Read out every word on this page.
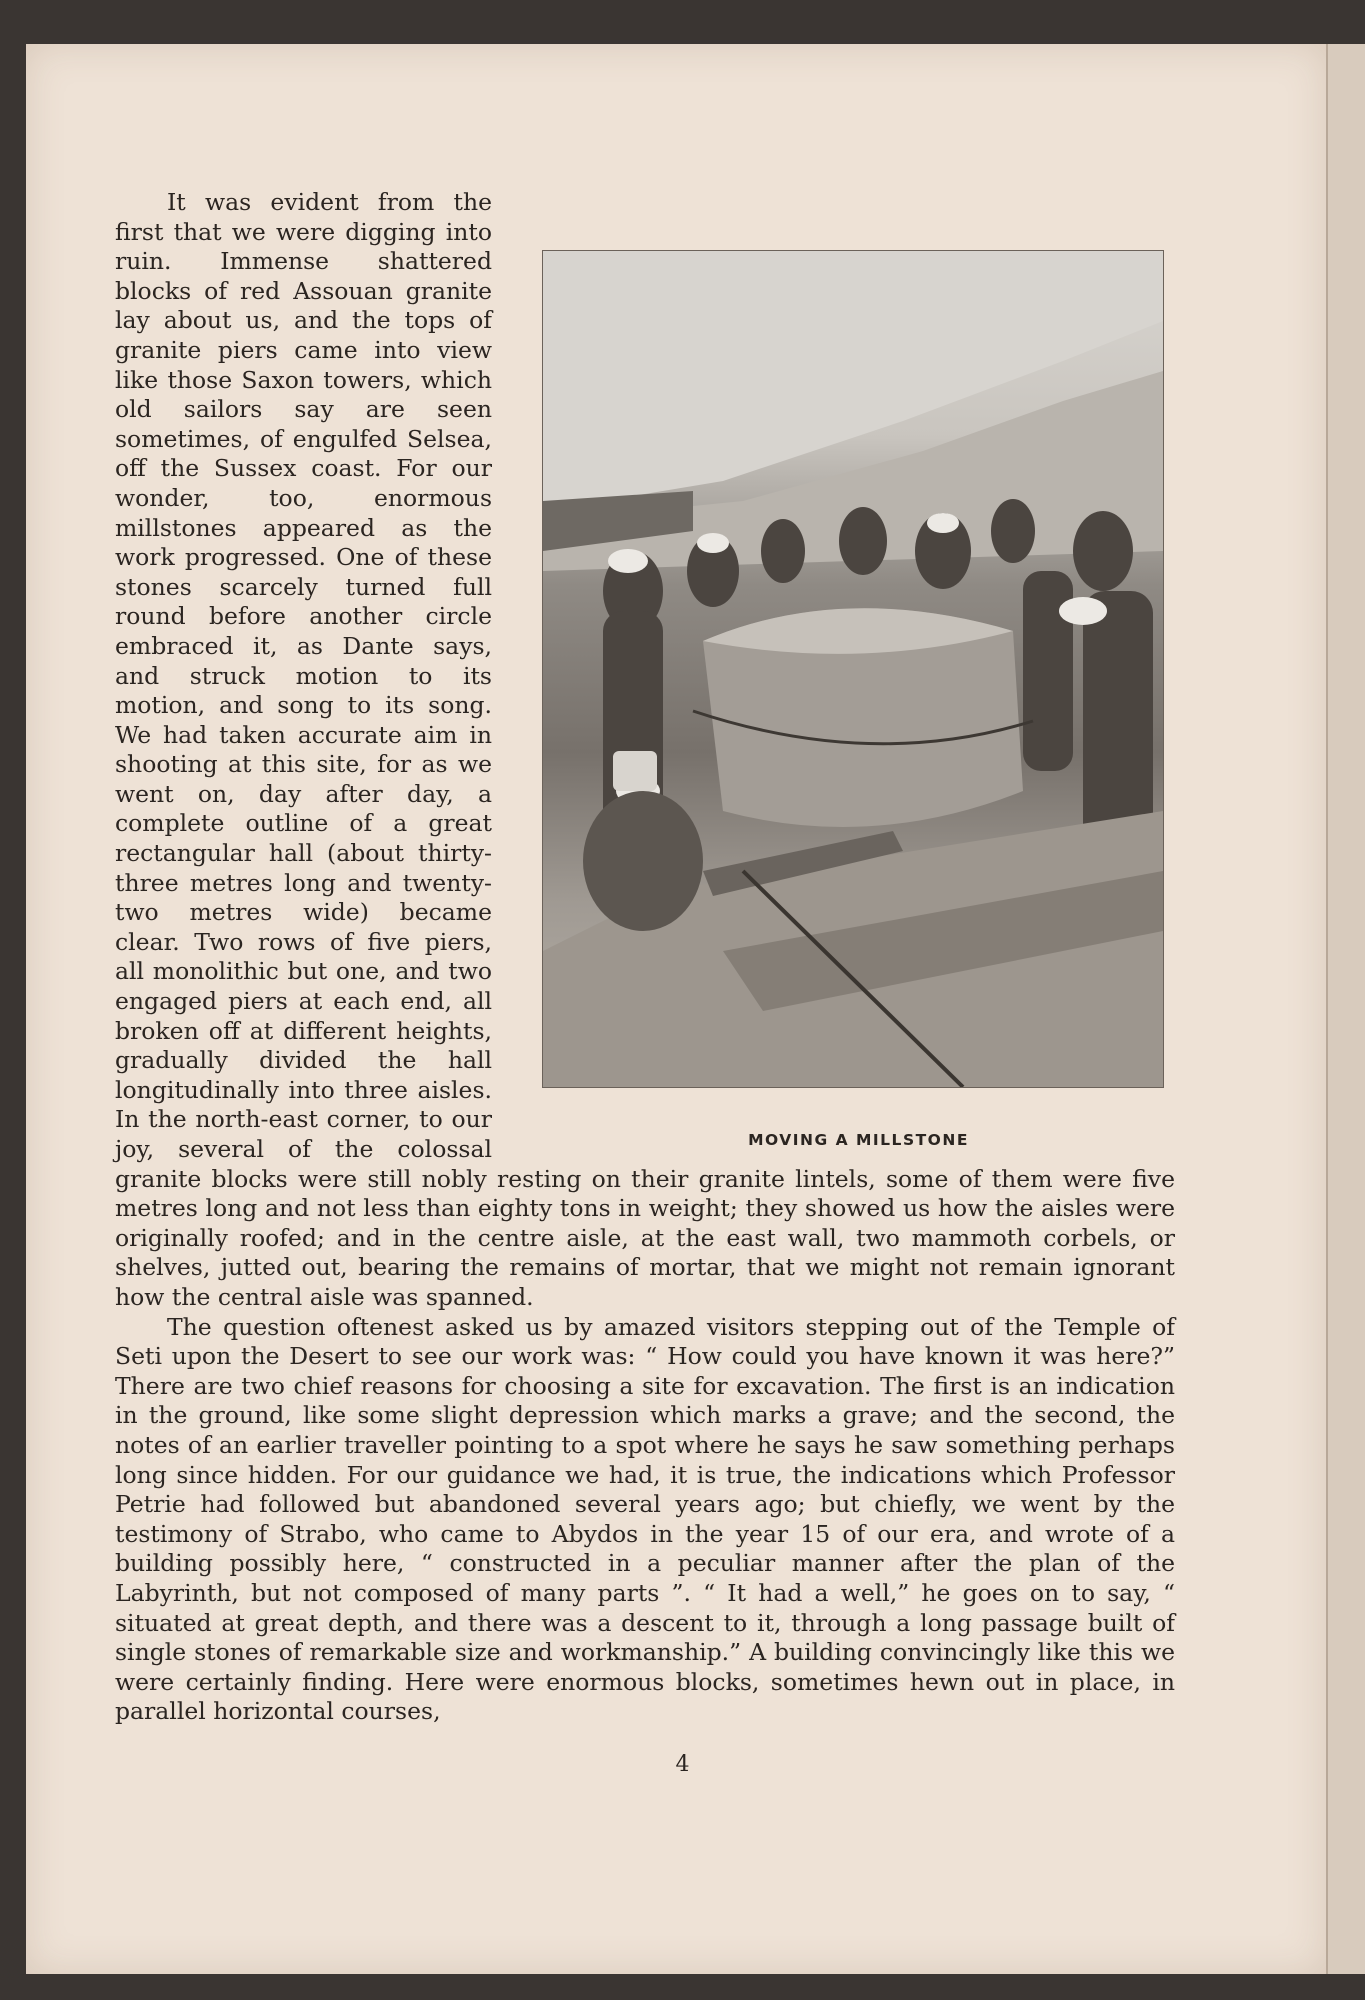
MOVING A MILLSTONE

It was evident from the first that we were digging into ruin. Immense shattered blocks of red Assouan granite lay about us, and the tops of granite piers came into view like those Saxon towers, which old sailors say are seen sometimes, of engulfed Selsea, off the Sussex coast. For our wonder, too, enormous millstones appeared as the work progressed. One of these stones scarcely turned full round before another circle embraced it, as Dante says, and struck motion to its motion, and song to its song. We had taken accurate aim in shooting at this site, for as we went on, day after day, a complete outline of a great rectangular hall (about thirty-three metres long and twenty-two metres wide) became clear. Two rows of five piers, all monolithic but one, and two engaged piers at each end, all broken off at different heights, gradually divided the hall longitudinally into three aisles. In the north-east corner, to our joy, several of the colossal granite blocks were still nobly resting on their granite lintels, some of them were five metres long and not less than eighty tons in weight; they showed us how the aisles were originally roofed; and in the centre aisle, at the east wall, two mammoth corbels, or shelves, jutted out, bearing the remains of mortar, that we might not remain ignorant how the central aisle was spanned.

The question oftenest asked us by amazed visitors stepping out of the Temple of Seti upon the Desert to see our work was: “ How could you have known it was here?” There are two chief reasons for choosing a site for excavation. The first is an indication in the ground, like some slight depression which marks a grave; and the second, the notes of an earlier traveller pointing to a spot where he says he saw something perhaps long since hidden. For our guidance we had, it is true, the indications which Professor Petrie had followed but abandoned several years ago; but chiefly, we went by the testimony of Strabo, who came to Abydos in the year 15 of our era, and wrote of a building possibly here, “ constructed in a peculiar manner after the plan of the Labyrinth, but not composed of many parts ”. “ It had a well,” he goes on to say, “ situated at great depth, and there was a descent to it, through a long passage built of single stones of remarkable size and workmanship.” A building convincingly like this we were certainly finding. Here were enormous blocks, sometimes hewn out in place, in parallel horizontal courses,

4
